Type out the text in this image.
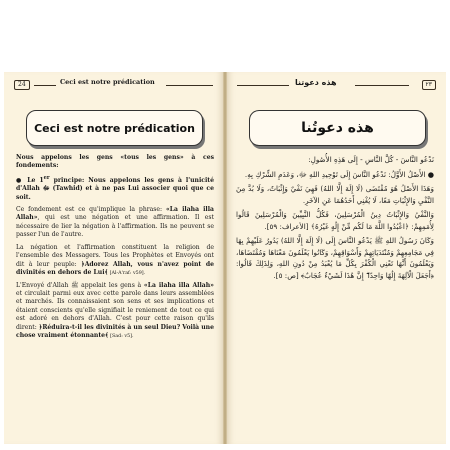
24	Ceci est notre prédication
Ceci est notre prédication

Nous appelons les gens «tous les gens» à ces fondements:

● Le 1er principe: Nous appelons les gens à l'unicité d'Allah ﷻ (Tawhid) et à ne pas Lui associer quoi que ce soit.

Ce fondement est ce qu'implique la phrase: «La ilaha illa Allah», qui est une négation et une affirmation. Il est nécessaire de lier la négation à l'affirmation. Ils ne peuvent se passer l'un de l'autre.

La négation et l'affirmation constituent la religion de l'ensemble des Messagers. Tous les Prophètes et Envoyés ont dit à leur peuple: ﴿Adorez Allah, vous n'avez point de divinités en dehors de Lui﴾ [Al-A'raf: v59].

L'Envoyé d'Allah ﷺ appelait les gens à «La ilaha illa Allah» et circulait parmi eux avec cette parole dans leurs assemblées et marchés. Ils connaissaient son sens et ses implications et étaient conscients qu'elle signifiait le reniement de tout ce qui est adoré en dehors d'Allah. C'est pour cette raison qu'ils dirent: ﴿Réduira-t-il les divinités à un seul Dieu? Voilà une chose vraiment étonnante﴾ [Sad: v5].

هذه دعوتنا	٢٣
هذه دعوتُنا

نَدْعُو النَّاسَ - كُلَّ النَّاسِ - إِلَى هَذِهِ الأُصُولِ:

● الأَصْلُ الأَوَّلُ: نَدْعُو النَّاسَ إِلَى تَوْحِيدِ اللهِ ﷻ، وَعَدَمِ الشِّرْكِ بِهِ.

وَهَذَا الأَصْلُ هُوَ مُقْتَضَى (لَا إِلَهَ إِلَّا اللهُ) فَهِيَ نَفْيٌ وَإِثْبَاتٌ، وَلَا بُدَّ مِنَ النَّفْيِ وَالإِثْبَاتِ مَعًا، لَا يُغْنِي أَحَدُهُمَا عَنِ الآخَرِ.

وَالنَّفْيُ وَالإِثْبَاتُ دِينُ الْمُرْسَلِينَ، فَكُلُّ النَّبِيِّينَ وَالْمُرْسَلِينَ قَالُوا لِأُمَمِهِمْ: ﴿اعْبُدُوا اللَّهَ مَا لَكُم مِّنْ إِلَٰهٍ غَيْرُهُ﴾ [الأعراف: ٥٩].

وَكَانَ رَسُولُ اللهِ ﷺ يَدْعُو النَّاسَ إِلَى (لَا إِلَهَ إِلَّا اللهُ) يَدُورُ عَلَيْهِمْ بِهَا فِي مَجَامِعِهِمْ وَمُنْتَدَيَاتِهِمْ وَأَسْوَاقِهِمْ، وَكَانُوا يَعْلَمُونَ مَعْنَاهَا وَمُقْتَضَاهَا، وَيَعْلَمُونَ أَنَّهَا تَعْنِي الْكُفْرَ بِكُلِّ مَا يُعْبَدُ مِنْ دُونِ اللهِ، وَلِذَلِكَ قَالُوا: ﴿أَجَعَلَ الْآلِهَةَ إِلَٰهًا وَاحِدًا ۖ إِنَّ هَٰذَا لَشَيْءٌ عُجَابٌ﴾ [ص: ٥].
